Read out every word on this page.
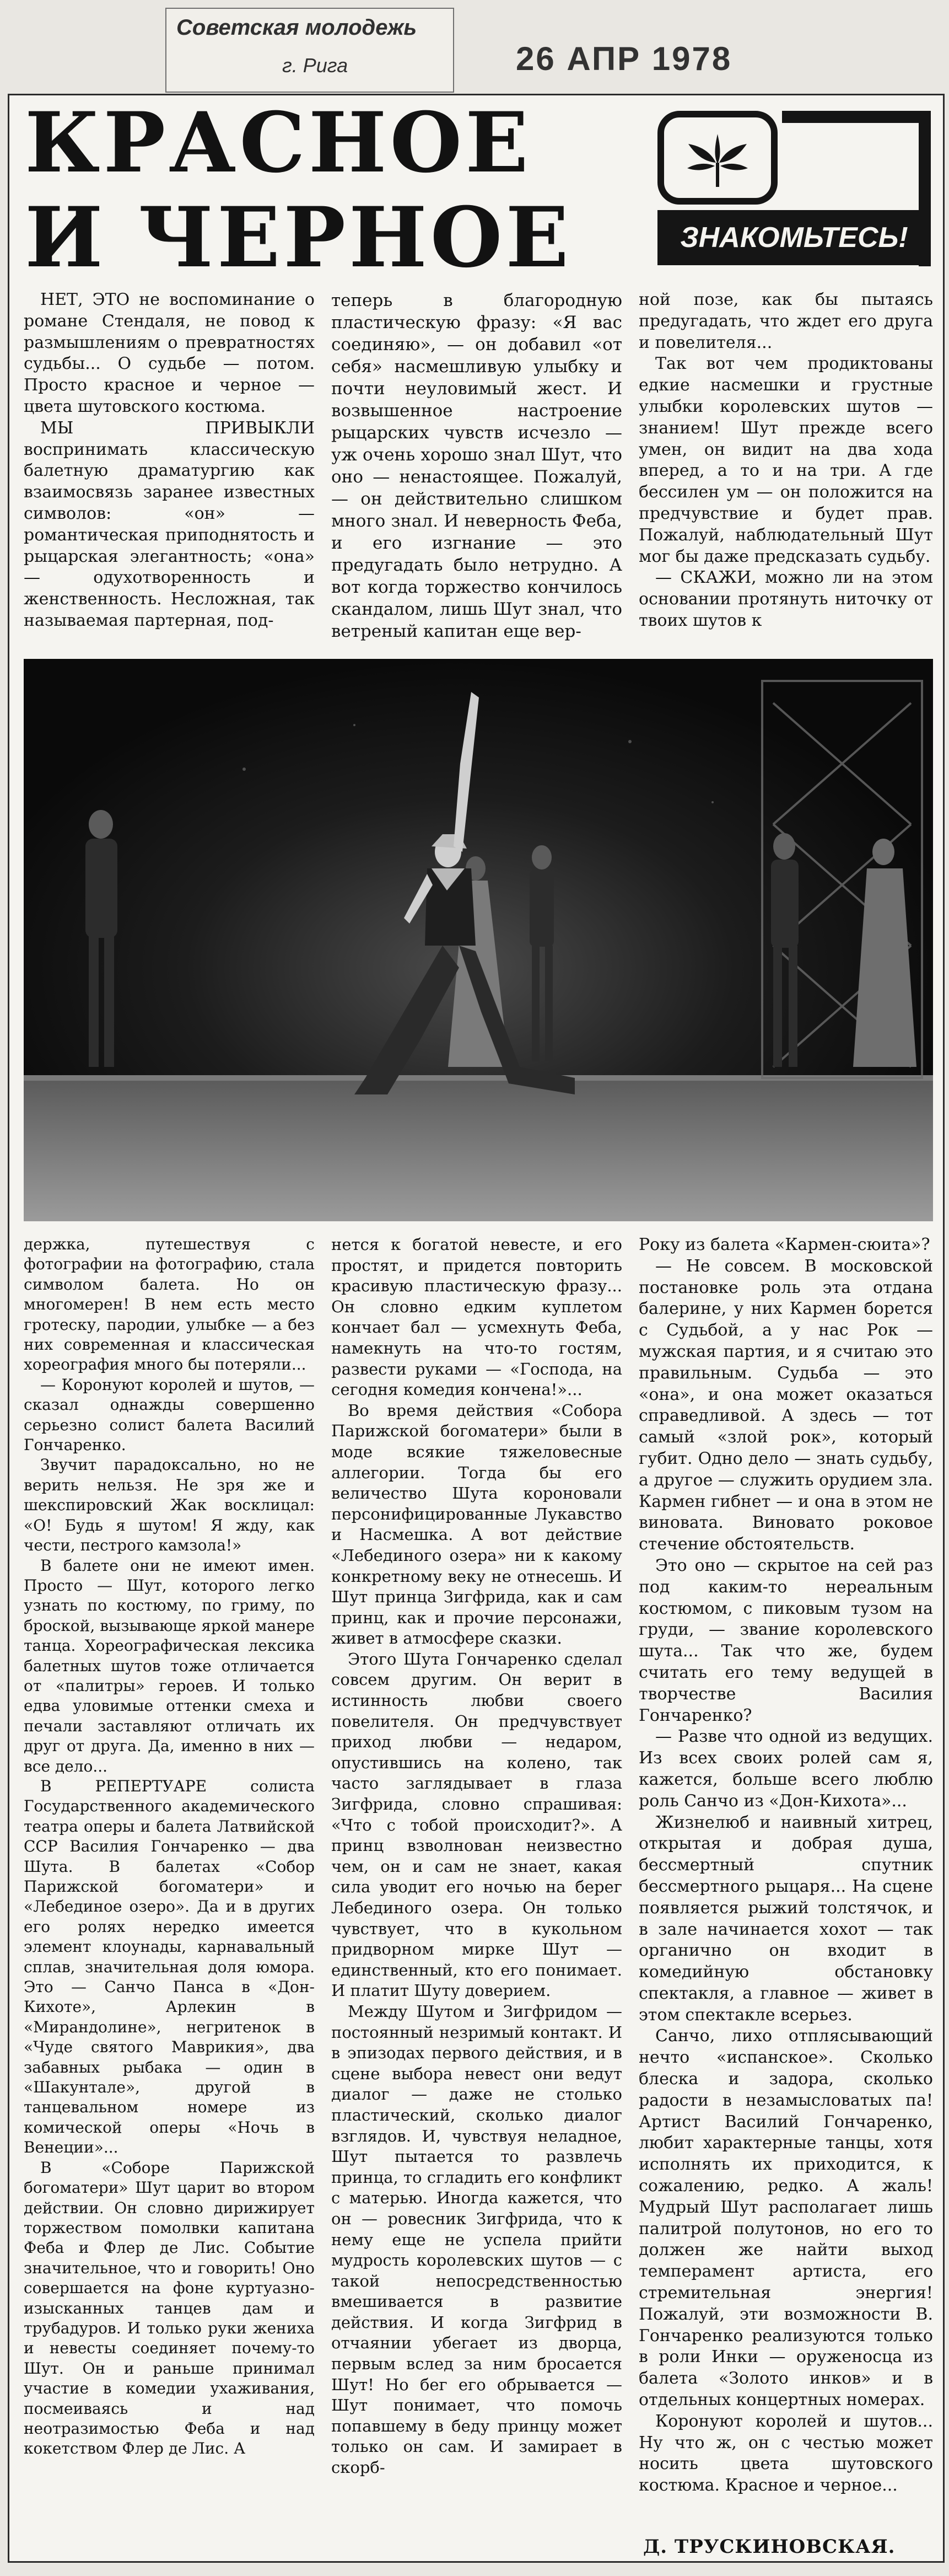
Советская молодежь
г. Рига	26 АПР 1978
КРАСНОЕ
И ЧЕРНОЕ	ЗНАКОМЬТЕСЬ!

НЕТ, ЭТО не воспоминание о романе Стендаля, не повод к размышлениям о превратностях судьбы... О судьбе — потом. Просто красное и черное — цвета шутовского костюма.

МЫ ПРИВЫКЛИ воспринимать классическую балетную драматургию как взаимосвязь заранее известных символов: «он» — романтическая приподнятость и рыцарская элегантность; «она» — одухотворенность и женственность. Несложная, так называемая партерная, под-

теперь в благородную пластическую фразу: «Я вас соединяю», — он добавил «от себя» насмешливую улыбку и почти неуловимый жест. И возвышенное настроение рыцарских чувств исчезло — уж очень хорошо знал Шут, что оно — ненастоящее. Пожалуй, — он действительно слишком много знал. И неверность Феба, и его изгнание — это предугадать было нетрудно. А вот когда торжество кончилось скандалом, лишь Шут знал, что ветреный капитан еще вер-

ной позе, как бы пытаясь предугадать, что ждет его друга и повелителя...

Так вот чем продиктованы едкие насмешки и грустные улыбки королевских шутов — знанием! Шут прежде всего умен, он видит на два хода вперед, а то и на три. А где бессилен ум — он положится на предчувствие и будет прав. Пожалуй, наблюдательный Шут мог бы даже предсказать судьбу.

— СКАЖИ, можно ли на этом основании протянуть ниточку от твоих шутов к

держка, путешествуя с фотографии на фотографию, стала символом балета. Но он многомерен! В нем есть место гротеску, пародии, улыбке — а без них современная и классическая хореография много бы потеряли...

— Коронуют королей и шутов, — сказал однажды совершенно серьезно солист балета Василий Гончаренко.

Звучит парадоксально, но не верить нельзя. Не зря же и шекспировский Жак восклицал: «О! Будь я шутом! Я жду, как чести, пестрого камзола!»

В балете они не имеют имен. Просто — Шут, которого легко узнать по костюму, по гриму, по броской, вызывающе яркой манере танца. Хореографическая лексика балетных шутов тоже отличается от «палитры» героев. И только едва уловимые оттенки смеха и печали заставляют отличать их друг от друга. Да, именно в них — все дело...

В РЕПЕРТУАРЕ солиста Государственного академического театра оперы и балета Латвийской ССР Василия Гончаренко — два Шута. В балетах «Собор Парижской богоматери» и «Лебединое озеро». Да и в других его ролях нередко имеется элемент клоунады, карнавальный сплав, значительная доля юмора. Это — Санчо Панса в «Дон-Кихоте», Арлекин в «Мирандолине», негритенок в «Чуде святого Маврикия», два забавных рыбака — один в «Шакунтале», другой в танцевальном номере из комической оперы «Ночь в Венеции»...

В «Соборе Парижской богоматери» Шут царит во втором действии. Он словно дирижирует торжеством помолвки капитана Феба и Флер де Лис. Событие значительное, что и говорить! Оно совершается на фоне куртуазно-изысканных танцев дам и трубадуров. И только руки жениха и невесты соединяет почему-то Шут. Он и раньше принимал участие в комедии ухаживания, посмеиваясь и над неотразимостью Феба и над кокетством Флер де Лис. А

нется к богатой невесте, и его простят, и придется повторить красивую пластическую фразу... Он словно едким куплетом кончает бал — усмехнуть Феба, намекнуть на что-то гостям, развести руками — «Господа, на сегодня комедия кончена!»...

Во время действия «Собора Парижской богоматери» были в моде всякие тяжеловесные аллегории. Тогда бы его величество Шута короновали персонифицированные Лукавство и Насмешка. А вот действие «Лебединого озера» ни к какому конкретному веку не отнесешь. И Шут принца Зигфрида, как и сам принц, как и прочие персонажи, живет в атмосфере сказки.

Этого Шута Гончаренко сделал совсем другим. Он верит в истинность любви своего повелителя. Он предчувствует приход любви — недаром, опустившись на колено, так часто заглядывает в глаза Зигфрида, словно спрашивая: «Что с тобой происходит?». А принц взволнован неизвестно чем, он и сам не знает, какая сила уводит его ночью на берег Лебединого озера. Он только чувствует, что в кукольном придворном мирке Шут — единственный, кто его понимает. И платит Шуту доверием.

Между Шутом и Зигфридом — постоянный незримый контакт. И в эпизодах первого действия, и в сцене выбора невест они ведут диалог — даже не столько пластический, сколько диалог взглядов. И, чувствуя неладное, Шут пытается то развлечь принца, то сгладить его конфликт с матерью. Иногда кажется, что он — ровесник Зигфрида, что к нему еще не успела прийти мудрость королевских шутов — с такой непосредственностью вмешивается в развитие действия. И когда Зигфрид в отчаянии убегает из дворца, первым вслед за ним бросается Шут! Но бег его обрывается — Шут понимает, что помочь попавшему в беду принцу может только он сам. И замирает в скорб-

Року из балета «Кармен-сюита»?

— Не совсем. В московской постановке роль эта отдана балерине, у них Кармен борется с Судьбой, а у нас Рок — мужская партия, и я считаю это правильным. Судьба — это «она», и она может оказаться справедливой. А здесь — тот самый «злой рок», который губит. Одно дело — знать судьбу, а другое — служить орудием зла. Кармен гибнет — и она в этом не виновата. Виновато роковое стечение обстоятельств.

Это оно — скрытое на сей раз под каким-то нереальным костюмом, с пиковым тузом на груди, — звание королевского шута... Так что же, будем считать его тему ведущей в творчестве Василия Гончаренко?

— Разве что одной из ведущих. Из всех своих ролей сам я, кажется, больше всего люблю роль Санчо из «Дон-Кихота»...

Жизнелюб и наивный хитрец, открытая и добрая душа, бессмертный спутник бессмертного рыцаря... На сцене появляется рыжий толстячок, и в зале начинается хохот — так органично он входит в комедийную обстановку спектакля, а главное — живет в этом спектакле всерьез.

Санчо, лихо отплясывающий нечто «испанское». Сколько блеска и задора, сколько радости в незамысловатых па! Артист Василий Гончаренко, любит характерные танцы, хотя исполнять их приходится, к сожалению, редко. А жаль! Мудрый Шут располагает лишь палитрой полутонов, но его то должен же найти выход темперамент артиста, его стремительная энергия! Пожалуй, эти возможности В. Гончаренко реализуются только в роли Инки — оруженосца из балета «Золото инков» и в отдельных концертных номерах.

Коронуют королей и шутов... Ну что ж, он с честью может носить цвета шутовского костюма. Красное и черное...

Д. ТРУСКИНОВСКАЯ.
